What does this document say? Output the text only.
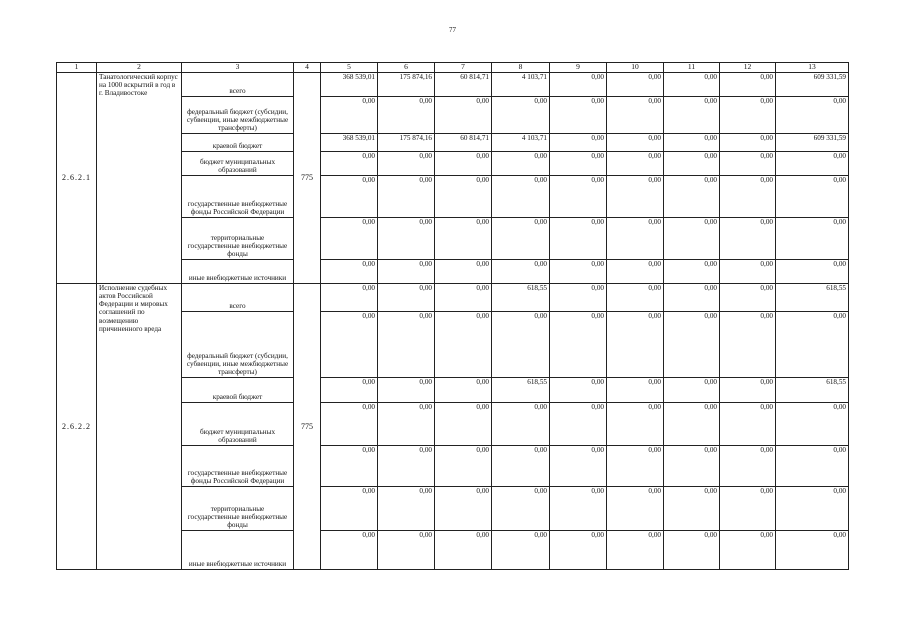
77
1	2	3	4	5	6	7	8	9	10	11	12	13
2.6.2.1	Танатологический корпус на 1000 вскрытий в год в г. Владивостоке	всего	775	368 539,01	175 874,16	60 814,71	4 103,71	0,00	0,00	0,00	0,00	609 331,59
		федеральный бюджет (субсидии, субвенции, иные межбюджетные трансферты)		0,00	0,00	0,00	0,00	0,00	0,00	0,00	0,00	0,00
		краевой бюджет		368 539,01	175 874,16	60 814,71	4 103,71	0,00	0,00	0,00	0,00	609 331,59
		бюджет муниципальных образований		0,00	0,00	0,00	0,00	0,00	0,00	0,00	0,00	0,00
		государственные внебюджетные фонды Российской Федерации		0,00	0,00	0,00	0,00	0,00	0,00	0,00	0,00	0,00
		территориальные государственные внебюджетные фонды		0,00	0,00	0,00	0,00	0,00	0,00	0,00	0,00	0,00
		иные внебюджетные источники		0,00	0,00	0,00	0,00	0,00	0,00	0,00	0,00	0,00
2.6.2.2	Исполнение судебных актов Российской Федерации и мировых соглашений по возмещению причиненного вреда	всего	775	0,00	0,00	0,00	618,55	0,00	0,00	0,00	0,00	618,55
		федеральный бюджет (субсидии, субвенции, иные межбюджетные трансферты)		0,00	0,00	0,00	0,00	0,00	0,00	0,00	0,00	0,00
		краевой бюджет		0,00	0,00	0,00	618,55	0,00	0,00	0,00	0,00	618,55
		бюджет муниципальных образований		0,00	0,00	0,00	0,00	0,00	0,00	0,00	0,00	0,00
		государственные внебюджетные фонды Российской Федерации		0,00	0,00	0,00	0,00	0,00	0,00	0,00	0,00	0,00
		территориальные государственные внебюджетные фонды		0,00	0,00	0,00	0,00	0,00	0,00	0,00	0,00	0,00
		иные внебюджетные источники		0,00	0,00	0,00	0,00	0,00	0,00	0,00	0,00	0,00
